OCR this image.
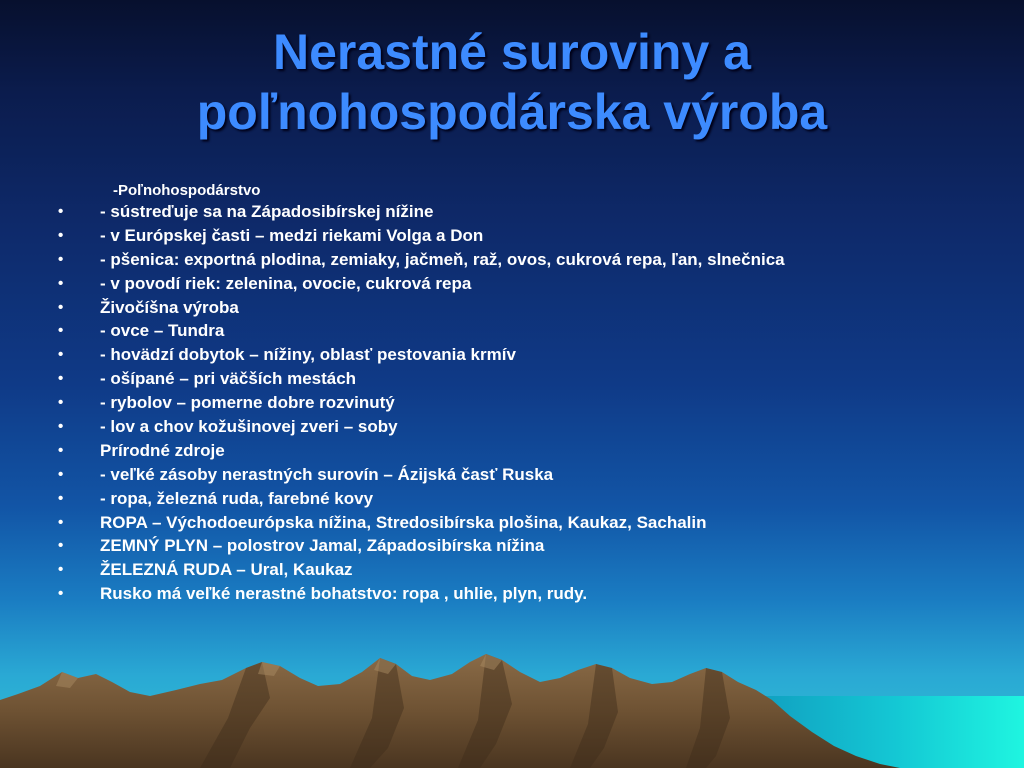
Nerastné suroviny a
poľnohospodárska výroba
-Poľnohospodárstvo
•	- sústreďuje sa na Západosibírskej nížine
•	- v Európskej časti – medzi riekami Volga a Don
•	- pšenica: exportná plodina, zemiaky, jačmeň, raž, ovos, cukrová repa, ľan, slnečnica
•	- v povodí riek: zelenina, ovocie, cukrová repa
•	Živočíšna výroba
•	- ovce – Tundra
•	- hovädzí dobytok – nížiny, oblasť pestovania krmív
•	- ošípané – pri väčších mestách
•	- rybolov – pomerne dobre rozvinutý
•	- lov a chov kožušinovej zveri – soby
•	Prírodné zdroje
•	- veľké zásoby nerastných surovín – Ázijská časť Ruska
•	- ropa, železná ruda, farebné kovy
•	ROPA – Východoeurópska nížina, Stredosibírska plošina, Kaukaz, Sachalin
•	ZEMNÝ PLYN – polostrov Jamal, Západosibírska nížina
•	ŽELEZNÁ RUDA – Ural, Kaukaz
•	Rusko má veľké nerastné bohatstvo: ropa , uhlie, plyn, rudy.
